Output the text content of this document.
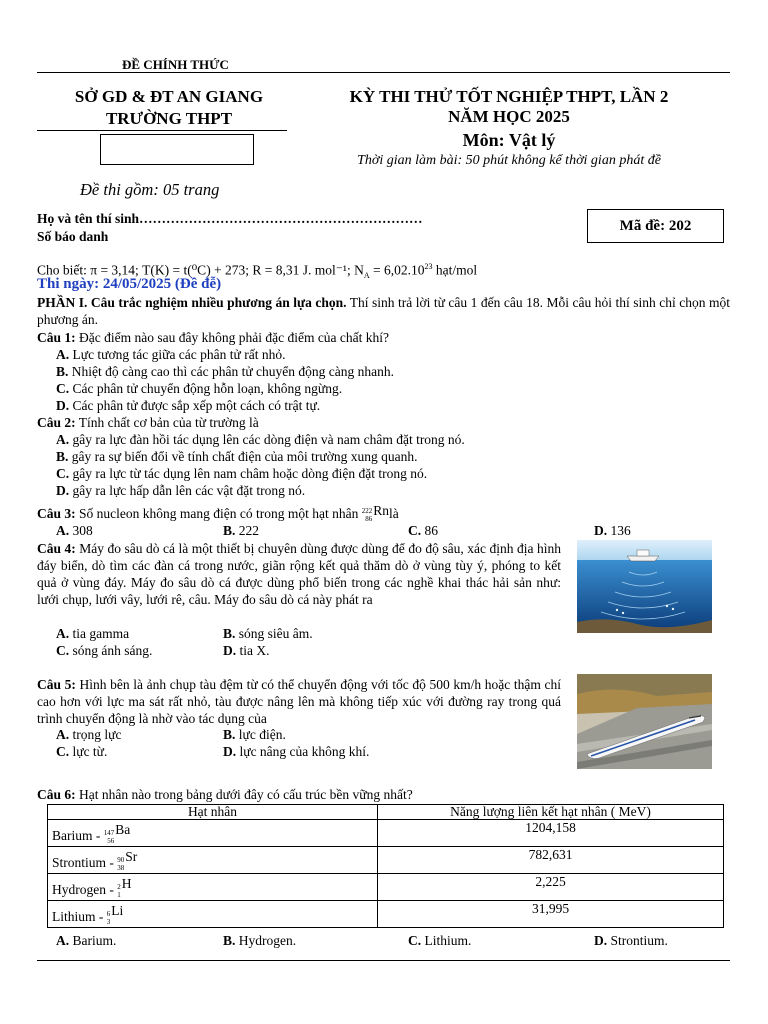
ĐỀ CHÍNH THỨC
SỞ GD & ĐT AN GIANG
TRƯỜNG THPT
KỲ THI THỬ TỐT NGHIỆP THPT, LẦN 2
NĂM HỌC 2025
Môn: Vật lý
Thời gian làm bài: 50 phút không kể thời gian phát đề
Đề thi gồm: 05 trang
Họ và tên thí sinh………………………………………………………
Số báo danh
Mã đề: 202
Cho biết: π = 3,14; T(K) = t(⁰C) + 273; R = 8,31 J. mol⁻¹; $N_A = 6,02.10^{23}$ hạt/mol
Thi ngày: 24/05/2025 (Đề đễ)
PHẦN I. Câu trắc nghiệm nhiều phương án lựa chọn. Thí sinh trả lời từ câu 1 đến câu 18. Mỗi câu hỏi thí sinh chỉ chọn một phương án.
Câu 1: Đặc điểm nào sau đây không phải đặc điểm của chất khí?
A. Lực tương tác giữa các phân tử rất nhỏ.
B. Nhiệt độ càng cao thì các phân tử chuyển động càng nhanh.
C. Các phân tử chuyển động hỗn loạn, không ngừng.
D. Các phân tử được sắp xếp một cách có trật tự.
Câu 2: Tính chất cơ bản của từ trường là
A. gây ra lực đàn hồi tác dụng lên các dòng điện và nam châm đặt trong nó.
B. gây ra sự biến đổi về tính chất điện của môi trường xung quanh.
C. gây ra lực từ tác dụng lên nam châm hoặc dòng điện đặt trong nó.
D. gây ra lực hấp dẫn lên các vật đặt trong nó.
Câu 3: Số nucleon không mang điện có trong một hạt nhân 222
86
Rnlà
A. 308	B. 222	C. 86	D. 136
Câu 4: Máy đo sâu dò cá là một thiết bị chuyên dùng được dùng để đo độ sâu, xác định địa hình đáy biển, dò tìm các đàn cá trong nước, giãn rộng kết quả thăm dò ở vùng tùy ý, phóng to kết quả ở vùng đáy. Máy đo sâu dò cá được dùng phổ biến trong các nghề khai thác hải sản như: lưới chụp, lưới vây, lưới rê, câu. Máy đo sâu dò cá này phát ra
A. tia gamma	B. sóng siêu âm.
C. sóng ánh sáng.	D. tia X.
Câu 5: Hình bên là ảnh chụp tàu đệm từ có thể chuyển động với tốc độ 500 km/h hoặc thậm chí cao hơn với lực ma sát rất nhỏ, tàu được nâng lên mà không tiếp xúc với đường ray trong quá trình chuyển động là nhờ vào tác dụng của
A. trọng lực	B. lực điện.
C. lực từ.	D. lực nâng của không khí.
Câu 6: Hạt nhân nào trong bảng dưới đây có cấu trúc bền vững nhất?
Hạt nhân	Năng lượng liên kết hạt nhân ( MeV)
Barium - 147
56
Ba	1204,158
Strontium - 90
38
Sr	782,631
Hydrogen - 2
1
H	2,225
Lithium - 6
3
Li	31,995
A. Barium.	B. Hydrogen.	C. Lithium.	D. Strontium.
